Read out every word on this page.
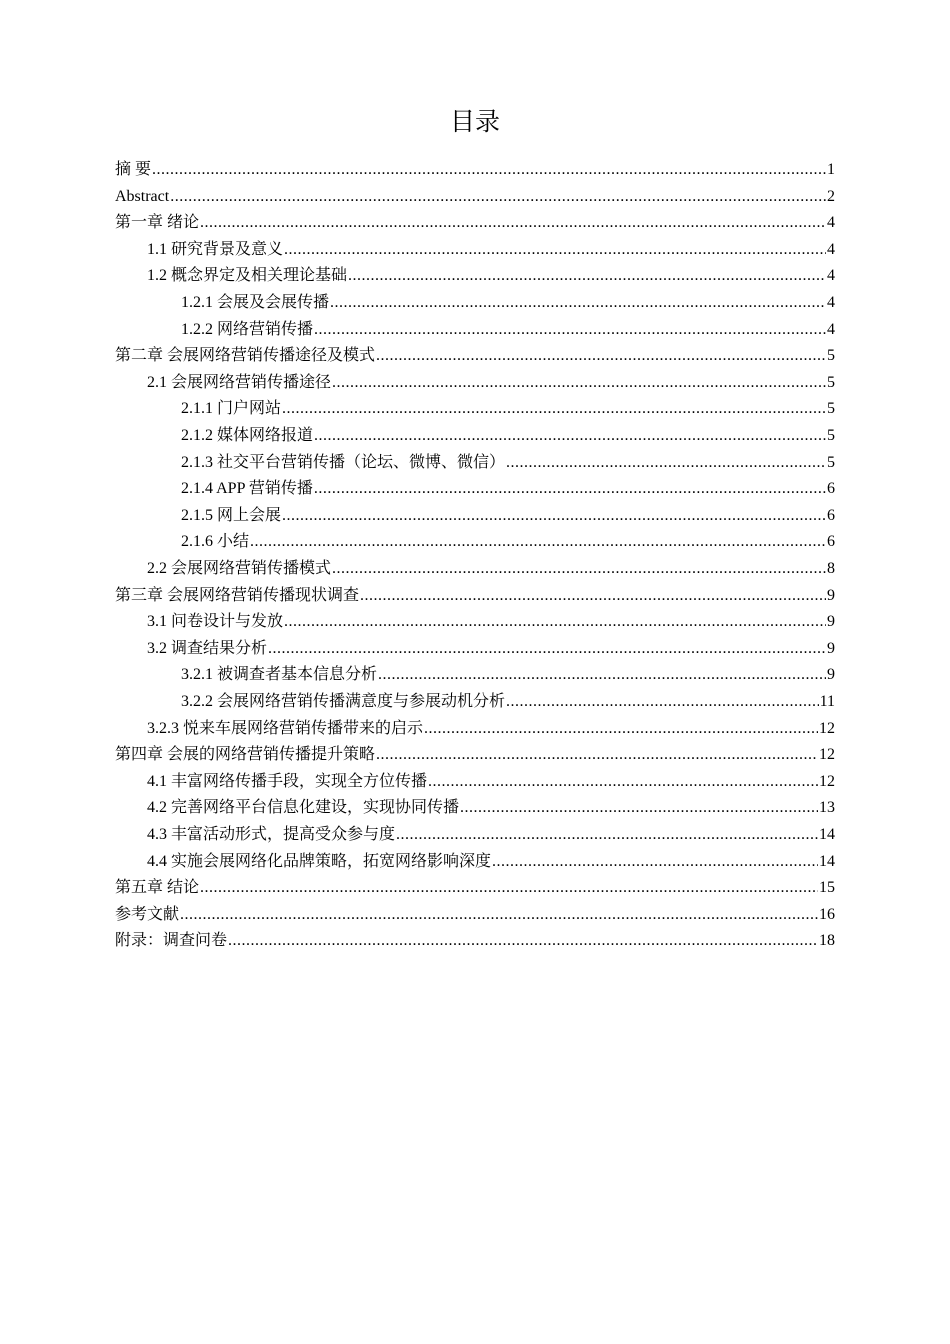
目录
摘 要 .....	1
Abstract .....	2
第一章 绪论 .....	4
1.1 研究背景及意义 .....	4
1.2 概念界定及相关理论基础 .....	4
1.2.1 会展及会展传播 .....	4
1.2.2 网络营销传播 .....	4
第二章 会展网络营销传播途径及模式 .....	5
2.1 会展网络营销传播途径 .....	5
2.1.1 门户网站 .....	5
2.1.2 媒体网络报道 .....	5
2.1.3 社交平台营销传播（论坛、微博、微信） .....	5
2.1.4 APP 营销传播 .....	6
2.1.5 网上会展 .....	6
2.1.6 小结 .....	6
2.2 会展网络营销传播模式 .....	8
第三章 会展网络营销传播现状调查 .....	9
3.1 问卷设计与发放 .....	9
3.2 调查结果分析 .....	9
3.2.1 被调查者基本信息分析 .....	9
3.2.2 会展网络营销传播满意度与参展动机分析 .....	11
3.2.3 悦来车展网络营销传播带来的启示 .....	12
第四章 会展的网络营销传播提升策略 .....	12
4.1 丰富网络传播手段，实现全方位传播 .....	12
4.2 完善网络平台信息化建设，实现协同传播 .....	13
4.3 丰富活动形式，提高受众参与度 .....	14
4.4 实施会展网络化品牌策略，拓宽网络影响深度 .....	14
第五章 结论 .....	15
参考文献 .....	16
附录：调查问卷 .....	18
